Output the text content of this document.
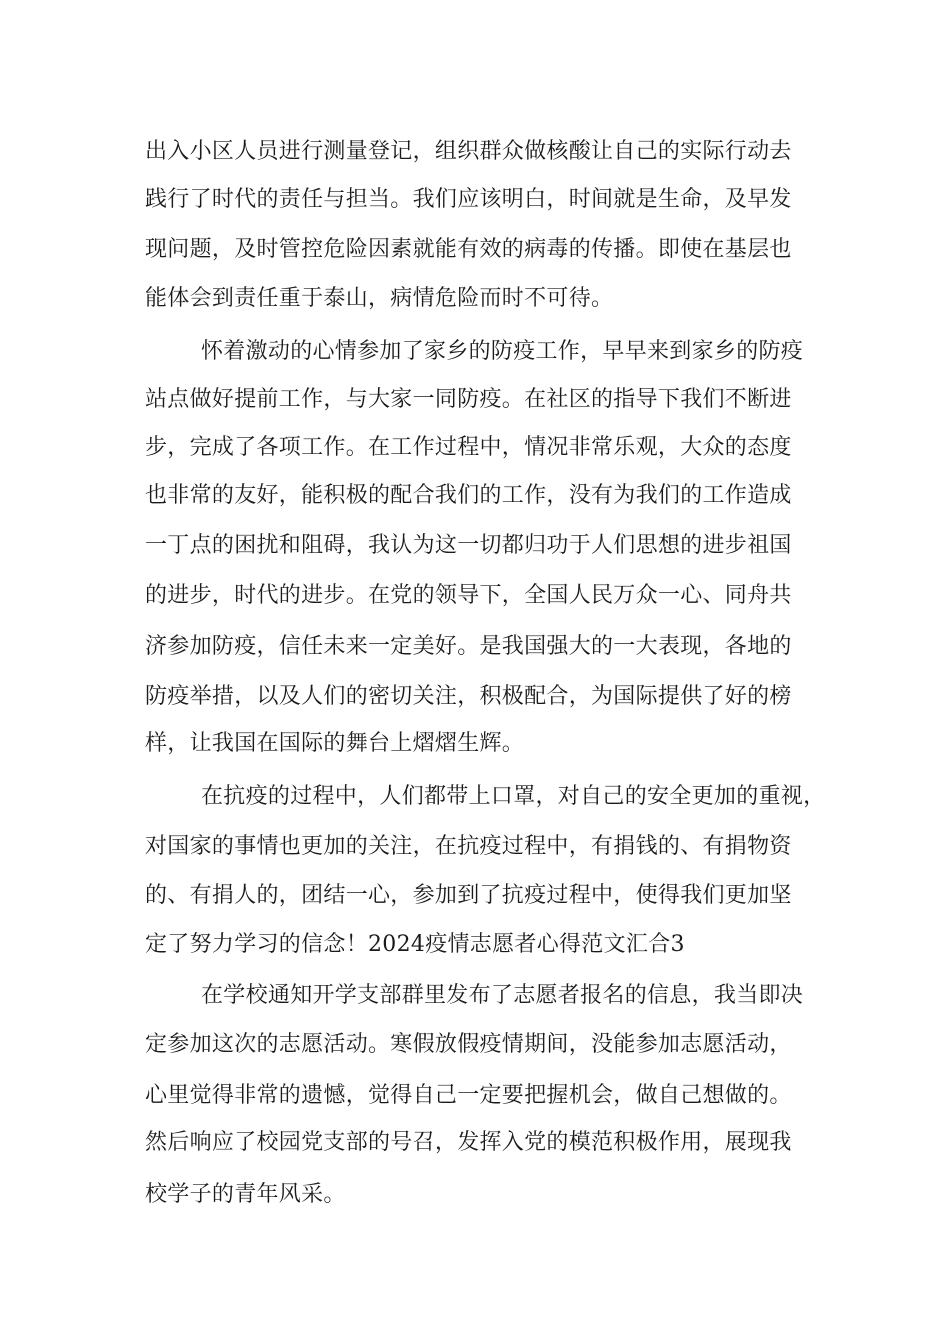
出入小区人员进行测量登记，组织群众做核酸让自己的实际行动去

践行了时代的责任与担当。我们应该明白，时间就是生命，及早发

现问题，及时管控危险因素就能有效的病毒的传播。即使在基层也

能体会到责任重于泰山，病情危险而时不可待。

怀着激动的心情参加了家乡的防疫工作，早早来到家乡的防疫

站点做好提前工作，与大家一同防疫。在社区的指导下我们不断进

步，完成了各项工作。在工作过程中，情况非常乐观，大众的态度

也非常的友好，能积极的配合我们的工作，没有为我们的工作造成

一丁点的困扰和阻碍，我认为这一切都归功于人们思想的进步祖国

的进步，时代的进步。在党的领导下，全国人民万众一心、同舟共

济参加防疫，信任未来一定美好。是我国强大的一大表现，各地的

防疫举措，以及人们的密切关注，积极配合，为国际提供了好的榜

样，让我国在国际的舞台上熠熠生辉。

在抗疫的过程中，人们都带上口罩，对自己的安全更加的重视，

对国家的事情也更加的关注，在抗疫过程中，有捐钱的、有捐物资

的、有捐人的，团结一心，参加到了抗疫过程中，使得我们更加坚

定了努力学习的信念！2024疫情志愿者心得范文汇合3

在学校通知开学支部群里发布了志愿者报名的信息，我当即决

定参加这次的志愿活动。寒假放假疫情期间，没能参加志愿活动，

心里觉得非常的遗憾，觉得自己一定要把握机会，做自己想做的。

然后响应了校园党支部的号召，发挥入党的模范积极作用，展现我

校学子的青年风采。
